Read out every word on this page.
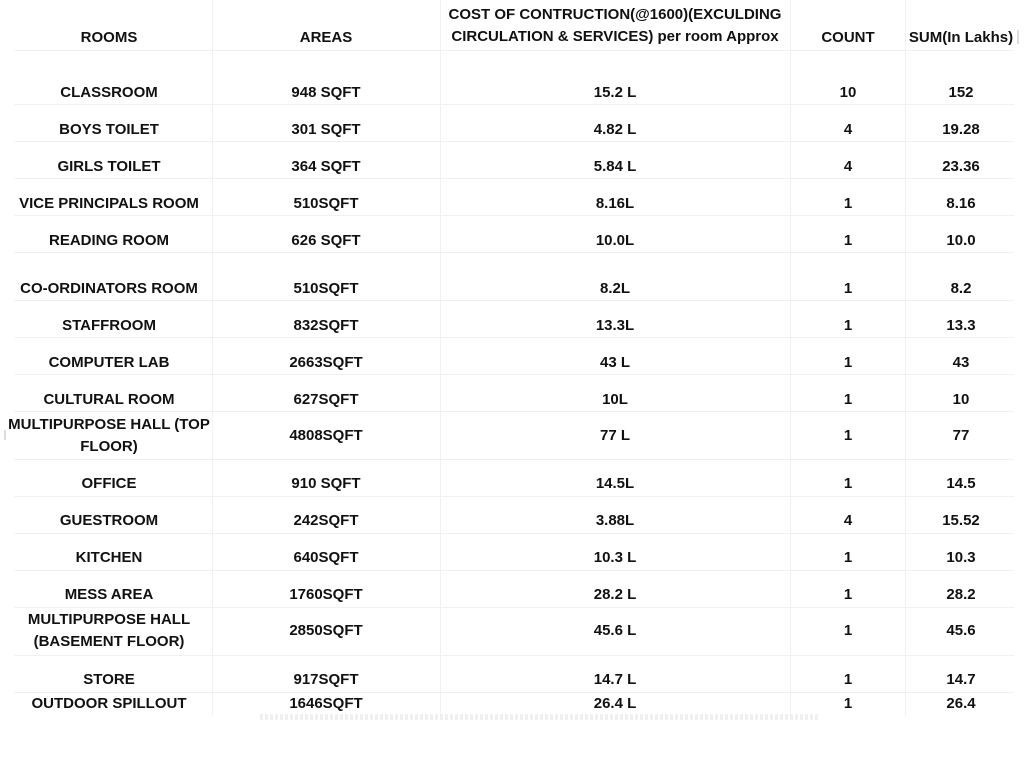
ROOMS	AREAS
COST OF CONTRUCTION(@1600)(EXCULDING
CIRCULATION & SERVICES) per room Approx	COUNT	SUM(In Lakhs)
CLASSROOM	948 SQFT	15.2 L	10	152
BOYS TOILET	301 SQFT	4.82 L	4	19.28
GIRLS TOILET	364 SQFT	5.84 L	4	23.36
VICE PRINCIPALS ROOM	510SQFT	8.16L	1	8.16
READING ROOM	626 SQFT	10.0L	1	10.0
CO-ORDINATORS ROOM	510SQFT	8.2L	1	8.2
STAFFROOM	832SQFT	13.3L	1	13.3
COMPUTER LAB	2663SQFT	43 L	1	43
CULTURAL ROOM	627SQFT	10L	1	10
MULTIPURPOSE HALL (TOP
FLOOR)
4808SQFT	77 L	1	77
OFFICE	910 SQFT	14.5L	1	14.5
GUESTROOM	242SQFT	3.88L	4	15.52
KITCHEN	640SQFT	10.3 L	1	10.3
MESS AREA	1760SQFT	28.2 L	1	28.2
MULTIPURPOSE HALL
(BASEMENT FLOOR)
2850SQFT	45.6 L	1	45.6
STORE	917SQFT	14.7 L	1	14.7
OUTDOOR SPILLOUT	1646SQFT	26.4 L	1	26.4
